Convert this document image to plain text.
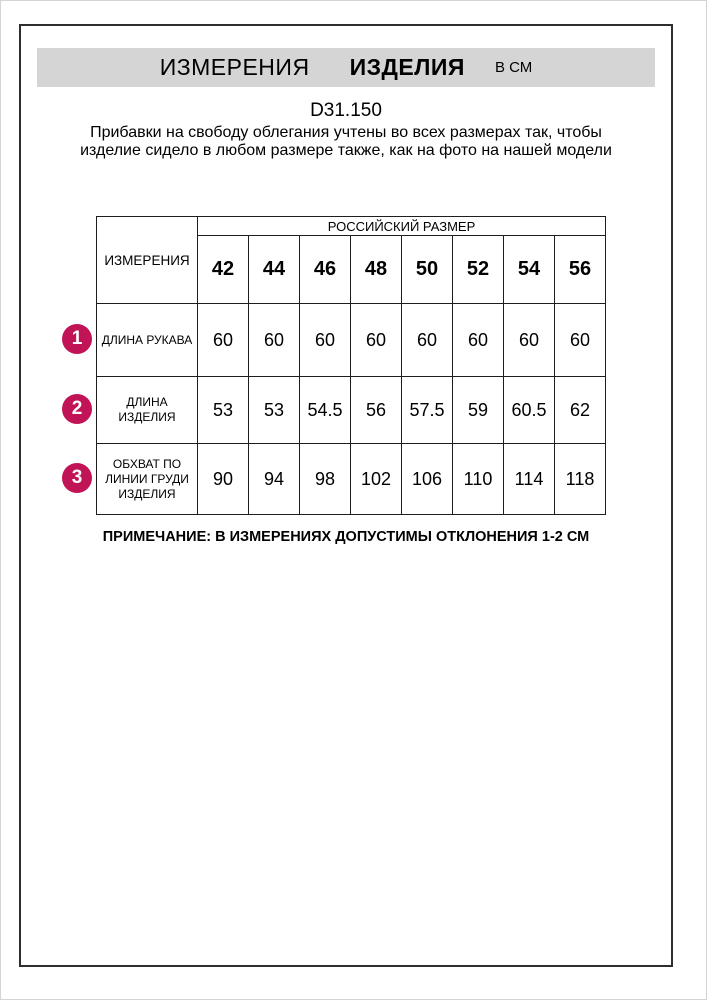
ИЗМЕРЕНИЯ ИЗДЕЛИЯ В СМ
D31.150
Прибавки на свободу облегания учтены во всех размерах так, чтобы изделие сидело в любом размере также, как на фото на нашей модели
1
2
3
ИЗМЕРЕНИЯ	РОССИЙСКИЙ РАЗМЕР							
	42	44	46	48	50	52	54	56
ДЛИНА РУКАВА	60	60	60	60	60	60	60	60
ДЛИНА ИЗДЕЛИЯ	53	53	54.5	56	57.5	59	60.5	62
ОБХВАТ ПО ЛИНИИ ГРУДИ ИЗДЕЛИЯ	90	94	98	102	106	110	114	118
ПРИМЕЧАНИЕ: В ИЗМЕРЕНИЯХ ДОПУСТИМЫ ОТКЛОНЕНИЯ 1-2 СМ
